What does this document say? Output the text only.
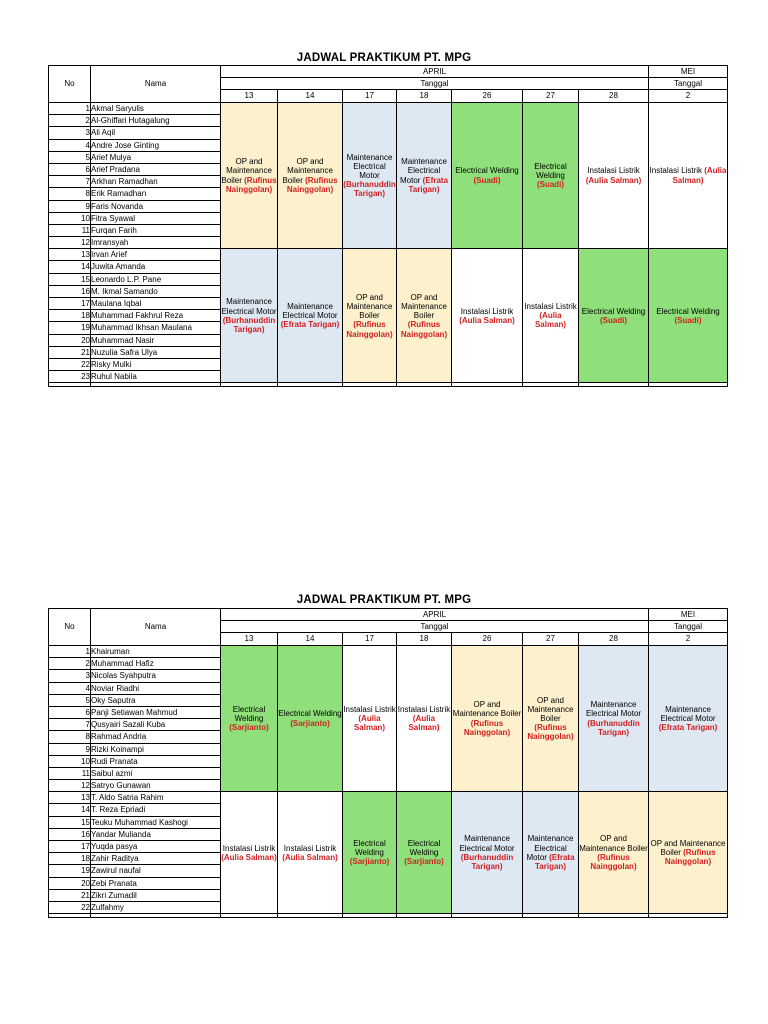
JADWAL PRAKTIKUM PT. MPG
No	Nama	APRIL							MEI
		Tanggal							Tanggal
		13	14	17	18	26	27	28	2
1	Akmal Saryulis	OP and Maintenance Boiler (Rufinus Nainggolan)	OP and Maintenance Boiler (Rufinus Nainggolan)	Maintenance Electrical Motor (Burhanuddin Tarigan)	Maintenance Electrical Motor (Efrata Tarigan)	Electrical Welding (Suadi)	Electrical Welding (Suadi)	Instalasi Listrik (Aulia Salman)	Instalasi Listrik (Aulia Salman)
2	Al-Ghiffari Hutagalung								
3	Ali Aqil								
4	Andre Jose Ginting								
5	Arief Mulya								
6	Arief Pradana								
7	Arkhan Ramadhan								
8	Erik Ramadhan								
9	Faris Novanda								
10	Fitra Syawal								
11	Furqan Farih								
12	Imransyah								
13	Irvan Arief	Maintenance Electrical Motor (Burhanuddin Tarigan)	Maintenance Electrical Motor (Efrata Tarigan)	OP and Maintenance Boiler (Rufinus Nainggolan)	OP and Maintenance Boiler (Rufinus Nainggolan)	Instalasi Listrik (Aulia Salman)	Instalasi Listrik (Aulia Salman)	Electrical Welding (Suadi)	Electrical Welding (Suadi)
14	Juwita Amanda								
15	Leonardo L.P. Pane								
16	M. Ikmal Samando								
17	Maulana Iqbal								
18	Muhammad Fakhrul Reza								
19	Muhammad Ikhsan Maulana								
20	Muhammad Nasir								
21	Nuzulia Safra Ulya								
22	Risky Mulki								
23	Ruhul Nabila								

JADWAL PRAKTIKUM PT. MPG
No	Nama	APRIL							MEI
		Tanggal							Tanggal
		13	14	17	18	26	27	28	2
1	Khairuman	Electrical Welding (Sarjianto)	Electrical Welding (Sarjianto)	Instalasi Listrik (Aulia Salman)	Instalasi Listrik (Aulia Salman)	OP and Maintenance Boiler (Rufinus Nainggolan)	OP and Maintenance Boiler (Rufinus Nainggolan)	Maintenance Electrical Motor (Burhanuddin Tarigan)	Maintenance Electrical Motor (Efrata Tarigan)
2	Muhammad Hafiz								
3	Nicolas Syahputra								
4	Noviar Riadhi								
5	Oky Saputra								
6	Panji Setiawan Mahmud								
7	Qusyairi Sazali Kuba								
8	Rahmad Andria								
9	Rizki Koinampi								
10	Rudi Pranata								
11	Saibul azmi								
12	Satryo Gunawan								
13	T. Aldo Satria Rahim	Instalasi Listrik (Aulia Salman)	Instalasi Listrik (Aulia Salman)	Electrical Welding (Sarjianto)	Electrical Welding (Sarjianto)	Maintenance Electrical Motor (Burhanuddin Tarigan)	Maintenance Electrical Motor (Efrata Tarigan)	OP and Maintenance Boiler (Rufinus Nainggolan)	OP and Maintenance Boiler (Rufinus Nainggolan)
14	T. Reza Epriadi								
15	Teuku Muhammad Kashogi								
16	Yandar Mulianda								
17	Yuqda pasya								
18	Zahir Raditya								
19	Zawirul naufal								
20	Zebi Pranata								
21	Zikri Zumadil								
22	Zulfahmy								
